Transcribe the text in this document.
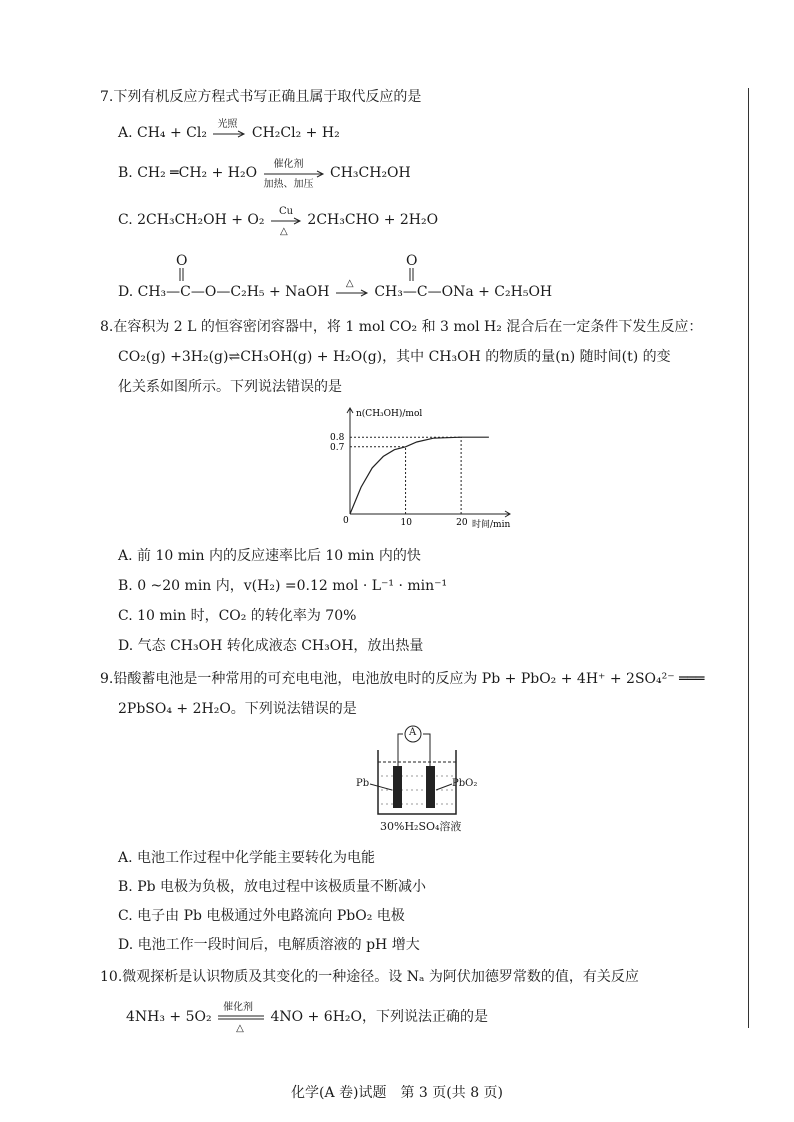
7.下列有机反应方程式书写正确且属于取代反应的是
A. CH₄ + Cl₂
光照
CH₂Cl₂ + H₂
B. CH₂ ═CH₂ + H₂O
催化剂
加热、加压
CH₃CH₂OH
C. 2CH₃CH₂OH + O₂
Cu
△
2CH₃CHO + 2H₂O
O	O
D. CH₃—C—O—C₂H₅ + NaOH
△
CH₃—C—ONa + C₂H₅OH
8.在容积为 2 L 的恒容密闭容器中，将 1 mol CO₂ 和 3 mol H₂ 混合后在一定条件下发生反应：
CO₂(g) +3H₂(g)⇌CH₃OH(g) + H₂O(g)，其中 CH₃OH 的物质的量(n) 随时间(t) 的变
化关系如图所示。下列说法错误的是
n(CH₃OH)/mol
时间/min
0	10	20
0.7
0.8
A. 前 10 min 内的反应速率比后 10 min 内的快
B. 0 ~20 min 内，v(H₂) =0.12 mol · L⁻¹ · min⁻¹
C. 10 min 时，CO₂ 的转化率为 70%
D. 气态 CH₃OH 转化成液态 CH₃OH，放出热量
9.铅酸蓄电池是一种常用的可充电电池，电池放电时的反应为 Pb + PbO₂ + 4H⁺ + 2SO₄²⁻ ═══
2PbSO₄ + 2H₂O。下列说法错误的是
A
Pb	PbO₂
30%H₂SO₄溶液
A. 电池工作过程中化学能主要转化为电能
B. Pb 电极为负极，放电过程中该极质量不断减小
C. 电子由 Pb 电极通过外电路流向 PbO₂ 电极
D. 电池工作一段时间后，电解质溶液的 pH 增大
10.微观探析是认识物质及其变化的一种途径。设 Nₐ 为阿伏加德罗常数的值，有关反应
4NH₃ + 5O₂
催化剂
△
4NO + 6H₂O，下列说法正确的是
化学(A 卷)试题　第 3 页(共 8 页)
